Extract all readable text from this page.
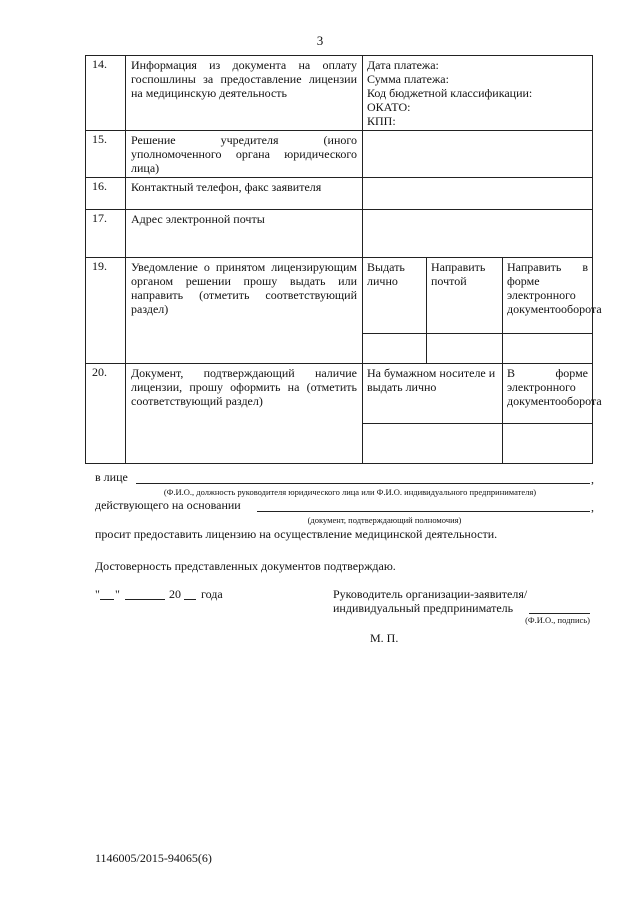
3
14.	Информация из документа на оплату госпошлины за предоставление лицензии на медицинскую деятельность	Дата платежа:
Сумма платежа:
Код бюджетной классификации:
ОКАТО:
КПП:		

15.	Решение учредителя (иного уполномоченного органа юридического лица)			
16.	Контактный телефон, факс заявителя			
17.	Адрес электронной почты			
19.	Уведомление о принятом лицензирующим органом решении прошу выдать или направить (отметить соответствующий раздел)	Выдать лично	Направить почтой	Направить в форме электронного документооборота

20.	Документ, подтверждающий наличие лицензии, прошу оформить на (отметить соответствующий раздел)	На бумажном носителе и выдать лично		В форме электронного документооборота

в лице	,
(Ф.И.О., должность руководителя юридического лица или Ф.И.О. индивидуального предпринимателя)
действующего на основании	,
(документ, подтверждающий полномочия)
просит предоставить лицензию на осуществление медицинской деятельности.
Достоверность представленных документов подтверждаю.
" "	20 года	Руководитель организации-заявителя/
индивидуальный предприниматель
(Ф.И.О., подпись)
М. П.
1146005/2015-94065(6)
